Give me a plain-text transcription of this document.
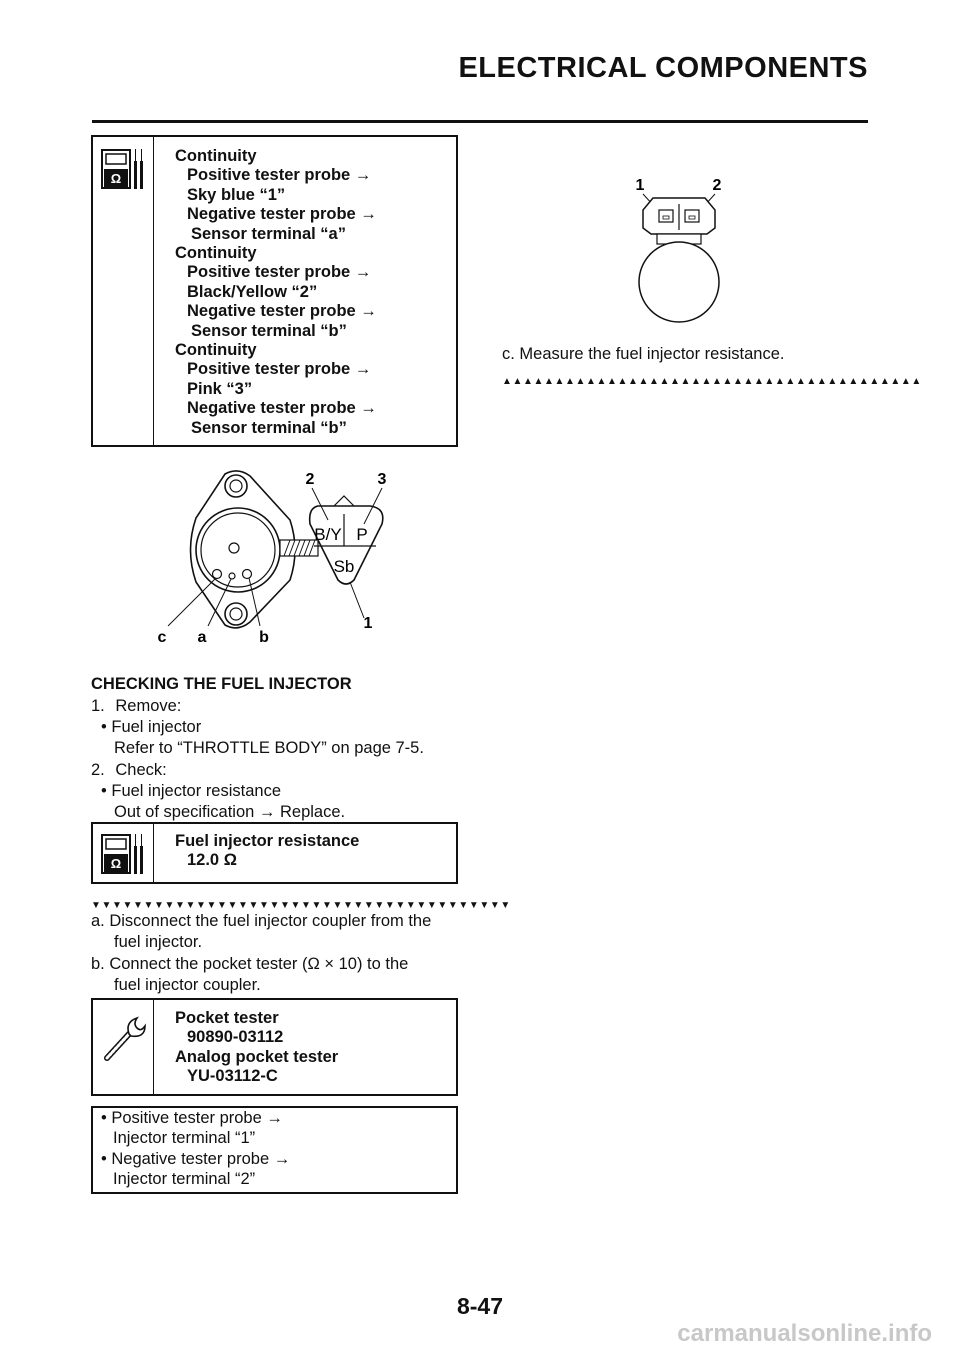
ELECTRICAL COMPONENTS
Ω
Continuity
Positive tester probe →
Sky blue “1”
Negative tester probe →
Sensor terminal “a”
Continuity
Positive tester probe →
Black/Yellow “2”
Negative tester probe →
Sensor terminal “b”
Continuity
Positive tester probe →
Pink “3”
Negative tester probe →
Sensor terminal “b”
B/Y P
Sb
2	3
1
c a	b
CHECKING THE FUEL INJECTOR
1. Remove:
• Fuel injector
Refer to “THROTTLE BODY” on page 7-5.
2. Check:
• Fuel injector resistance
Out of specification → Replace.
Ω
Fuel injector resistance
12.0 Ω
▼▼▼▼▼▼▼▼▼▼▼▼▼▼▼▼▼▼▼▼▼▼▼▼▼▼▼▼▼▼▼▼▼▼▼▼▼▼▼▼
a. Disconnect the fuel injector coupler from the
fuel injector.
b. Connect the pocket tester (Ω × 10) to the
fuel injector coupler.
Pocket tester
90890-03112
Analog pocket tester
YU-03112-C
• Positive tester probe →
Injector terminal “1”
• Negative tester probe →
Injector terminal “2”
1	2
c. Measure the fuel injector resistance.
▲▲▲▲▲▲▲▲▲▲▲▲▲▲▲▲▲▲▲▲▲▲▲▲▲▲▲▲▲▲▲▲▲▲▲▲▲▲▲▲
8-47
carmanualsonline.info
